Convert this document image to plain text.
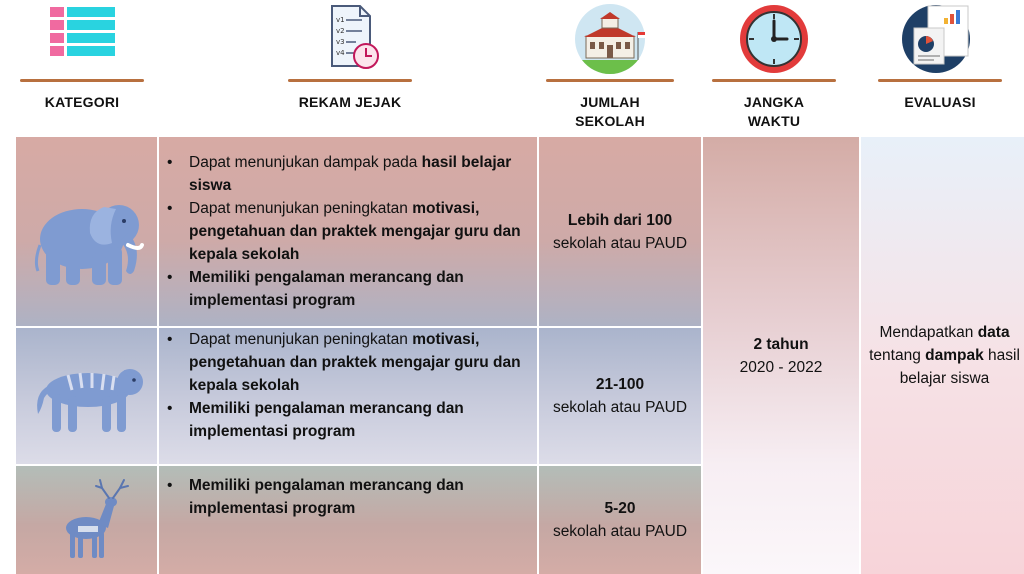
KATEGORI
v1
v2
v3
v4
REKAM JEJAK	JUMLAH SEKOLAH
JANGKA
WAKTU
EVALUASI
• Dapat menunjukan dampak pada hasil belajar siswa
• Dapat menunjukan peningkatan motivasi, pengetahuan dan praktek mengajar guru dan kepala sekolah
• Memiliki pengalaman merancang dan implementasi program
Lebih dari 100
sekolah atau PAUD
• Dapat menunjukan peningkatan motivasi, pengetahuan dan praktek mengajar guru dan kepala sekolah
• Memiliki pengalaman merancang dan implementasi program
21-100
sekolah atau PAUD
• Memiliki pengalaman merancang dan implementasi program	5-20
sekolah atau PAUD
2 tahun
2020 - 2022
Mendapatkan data tentang dampak hasil belajar siswa
